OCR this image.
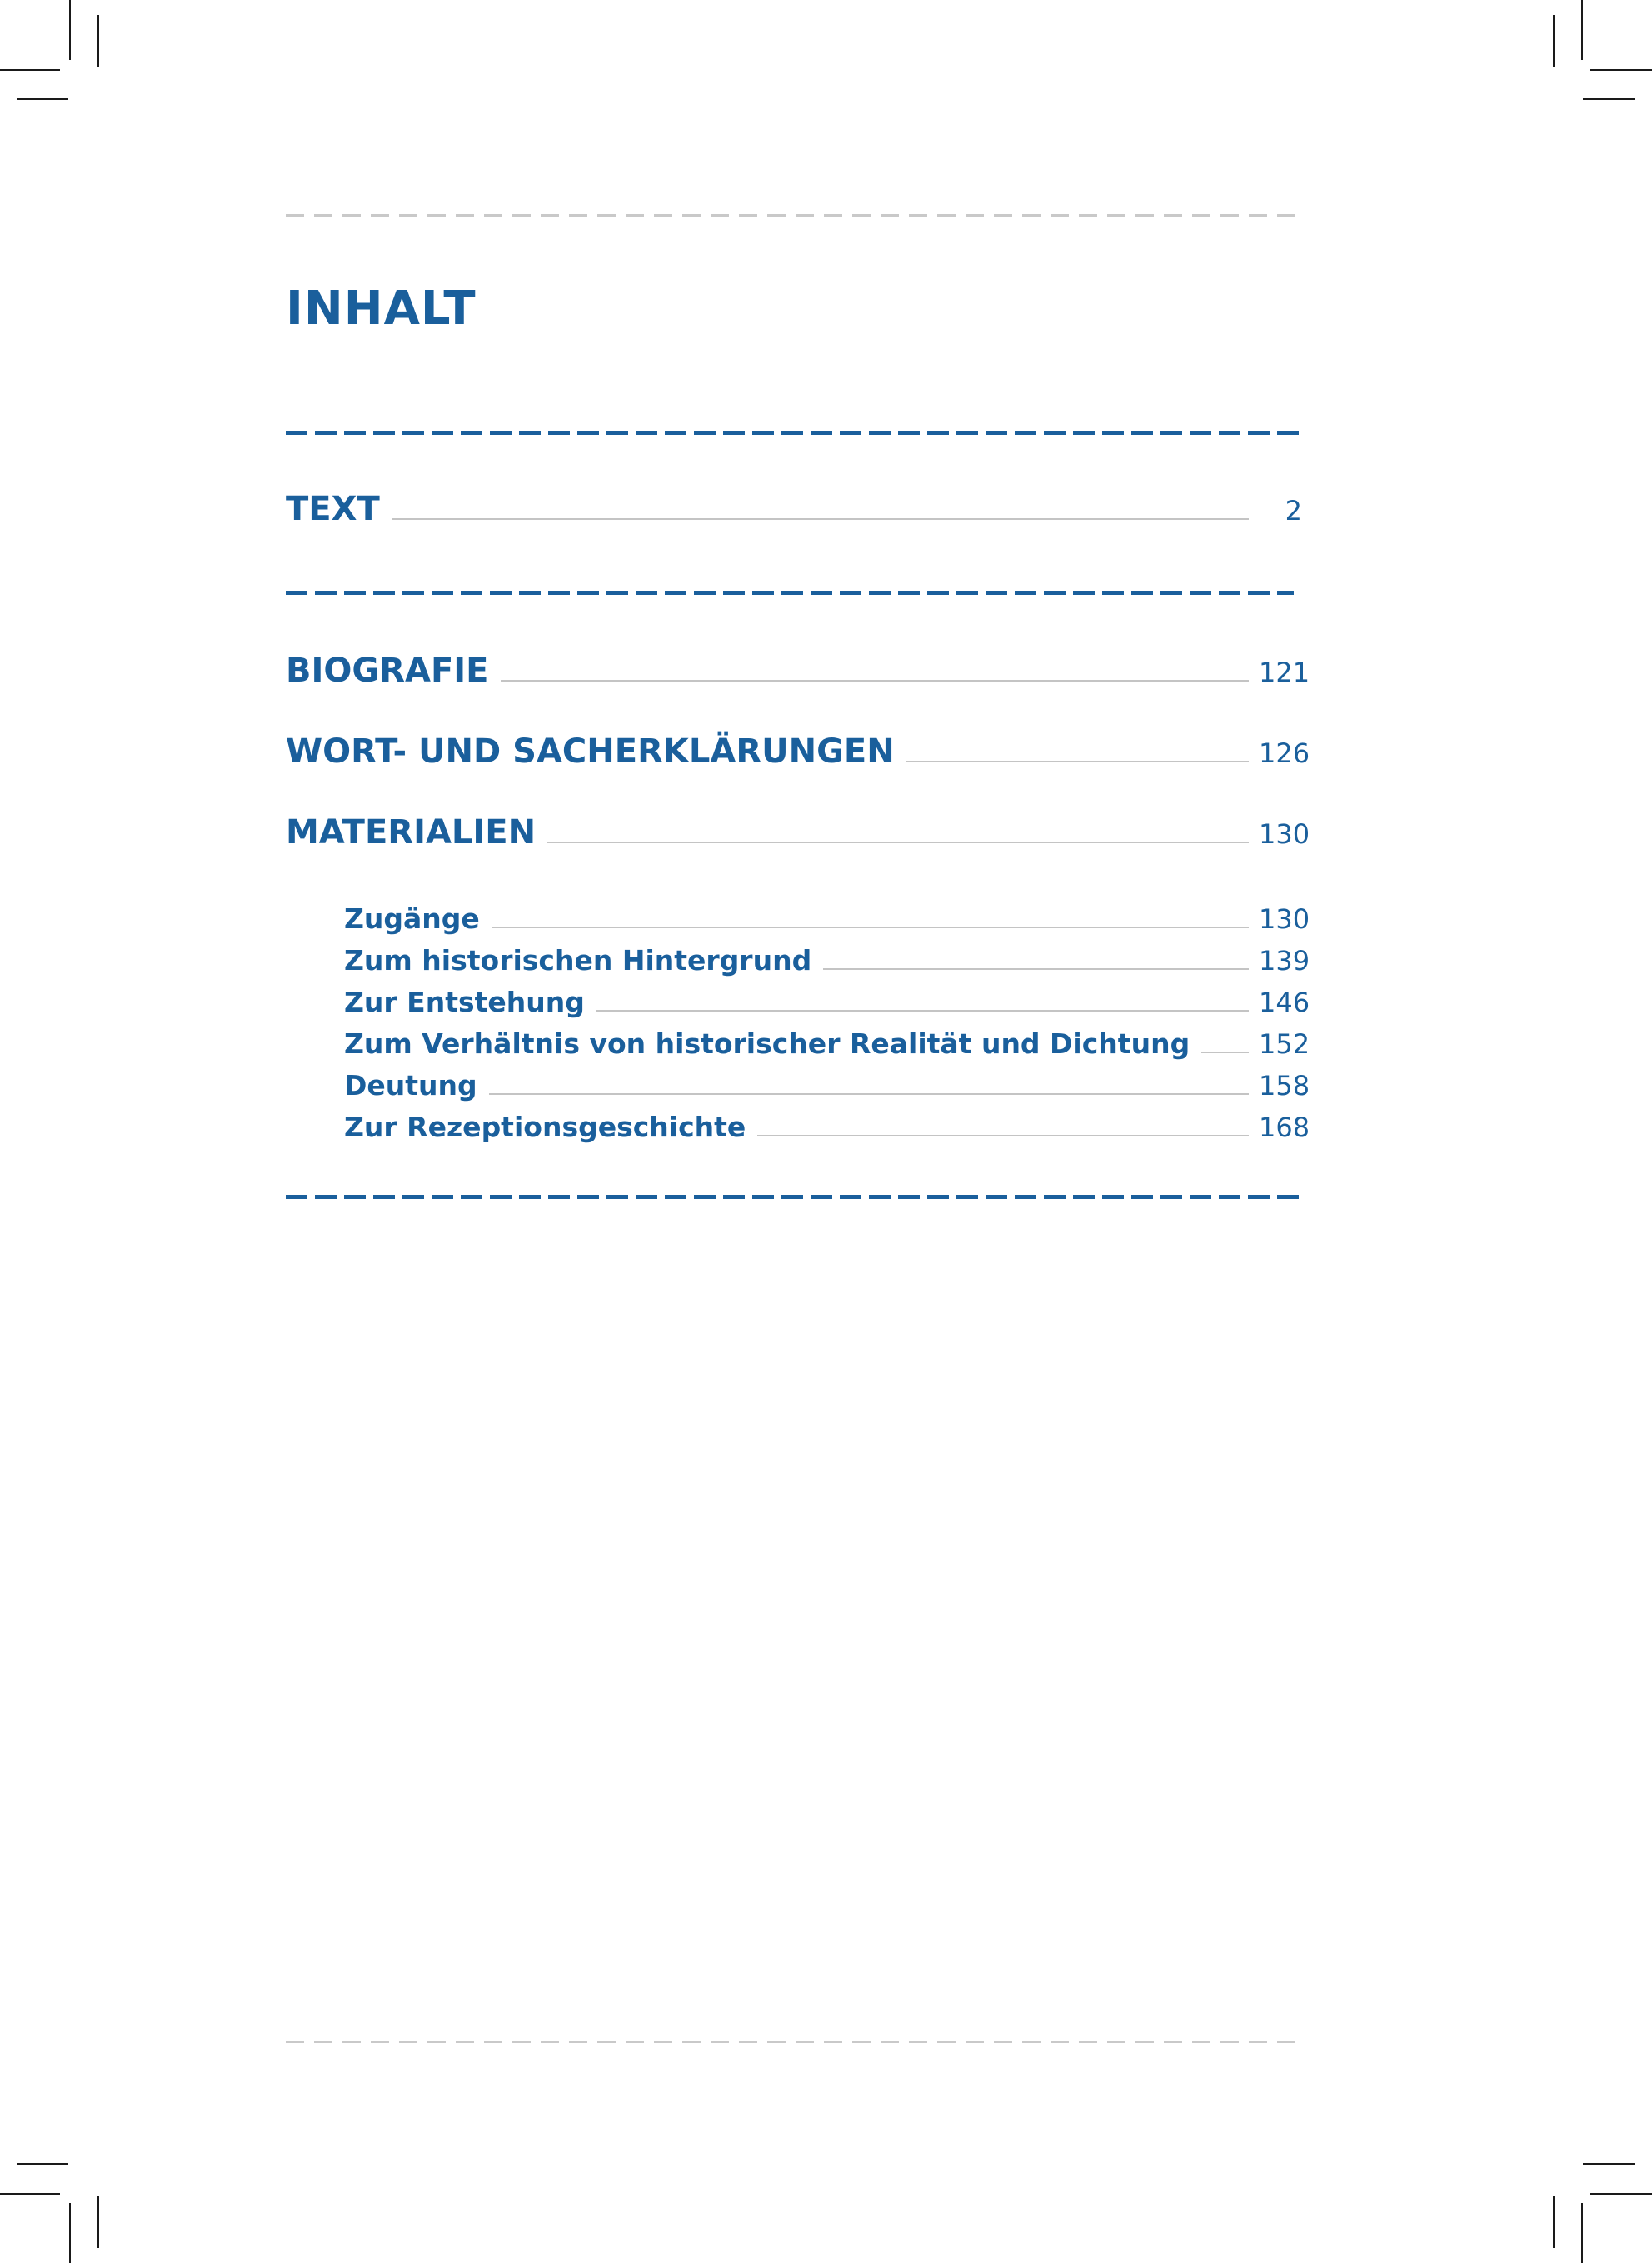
INHALT
TEXT	2
BIOGRAFIE	121
WORT- UND SACHERKLÄRUNGEN	126
MATERIALIEN	130
Zugänge	130
Zum historischen Hintergrund	139
Zur Entstehung	146
Zum Verhältnis von historischer Realität und Dichtung	152
Deutung	158
Zur Rezeptionsgeschichte	168
